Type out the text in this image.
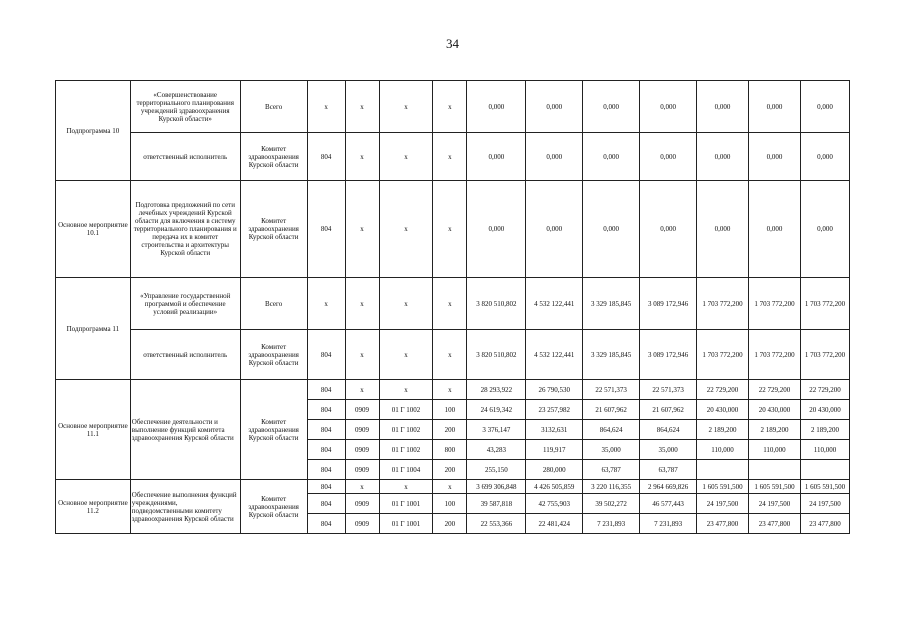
34
Подпрограмма 10	«Совершенствование территориального планирования учреждений здравоохранения Курской области»	Всего	х	х	х	х	0,000	0,000	0,000	0,000	0,000	0,000	0,000
	ответственный исполнитель	Комитет здравоохранения Курской области	804	х	х	х	0,000	0,000	0,000	0,000	0,000	0,000	0,000
Основное мероприятие 10.1	Подготовка предложений по сети лечебных учреждений Курской области для включения в систему территориального планирования и передача их в комитет строительства и архитектуры Курской области	Комитет здравоохранения Курской области	804	х	х	х	0,000	0,000	0,000	0,000	0,000	0,000	0,000
Подпрограмма 11	«Управление государственной программой и обеспечение условий реализации»	Всего	х	х	х	х	3 820 510,802	4 532 122,441	3 329 185,845	3 089 172,946	1 703 772,200	1 703 772,200	1 703 772,200
	ответственный исполнитель	Комитет здравоохранения Курской области	804	х	х	х	3 820 510,802	4 532 122,441	3 329 185,845	3 089 172,946	1 703 772,200	1 703 772,200	1 703 772,200
Основное мероприятие 11.1	Обеспечение деятельности и выполнение функций комитета здравоохранения Курской области	Комитет здравоохранения Курской области	804	х	х	х	28 293,922	26 790,530	22 571,373	22 571,373	22 729,200	22 729,200	22 729,200
			804	0909	01 Г 1002	100	24 619,342	23 257,982	21 607,962	21 607,962	20 430,000	20 430,000	20 430,000
			804	0909	01 Г 1002	200	3 376,147	3132,631	864,624	864,624	2 189,200	2 189,200	2 189,200
			804	0909	01 Г 1002	800	43,283	119,917	35,000	35,000	110,000	110,000	110,000
			804	0909	01 Г 1004	200	255,150	280,000	63,787	63,787			
Основное мероприятие 11.2	Обеспечение выполнения функций учреждениями, подведомственными комитету здравоохранения Курской области	Комитет здравоохранения Курской области	804	х	х	х	3 699 306,848	4 426 505,859	3 220 116,355	2 964 669,826	1 605 591,500	1 605 591,500	1 605 591,500
			804	0909	01 Г 1001	100	39 587,818	42 755,903	39 502,272	46 577,443	24 197,500	24 197,500	24 197,500
			804	0909	01 Г 1001	200	22 553,366	22 481,424	7 231,893	7 231,893	23 477,800	23 477,800	23 477,800
